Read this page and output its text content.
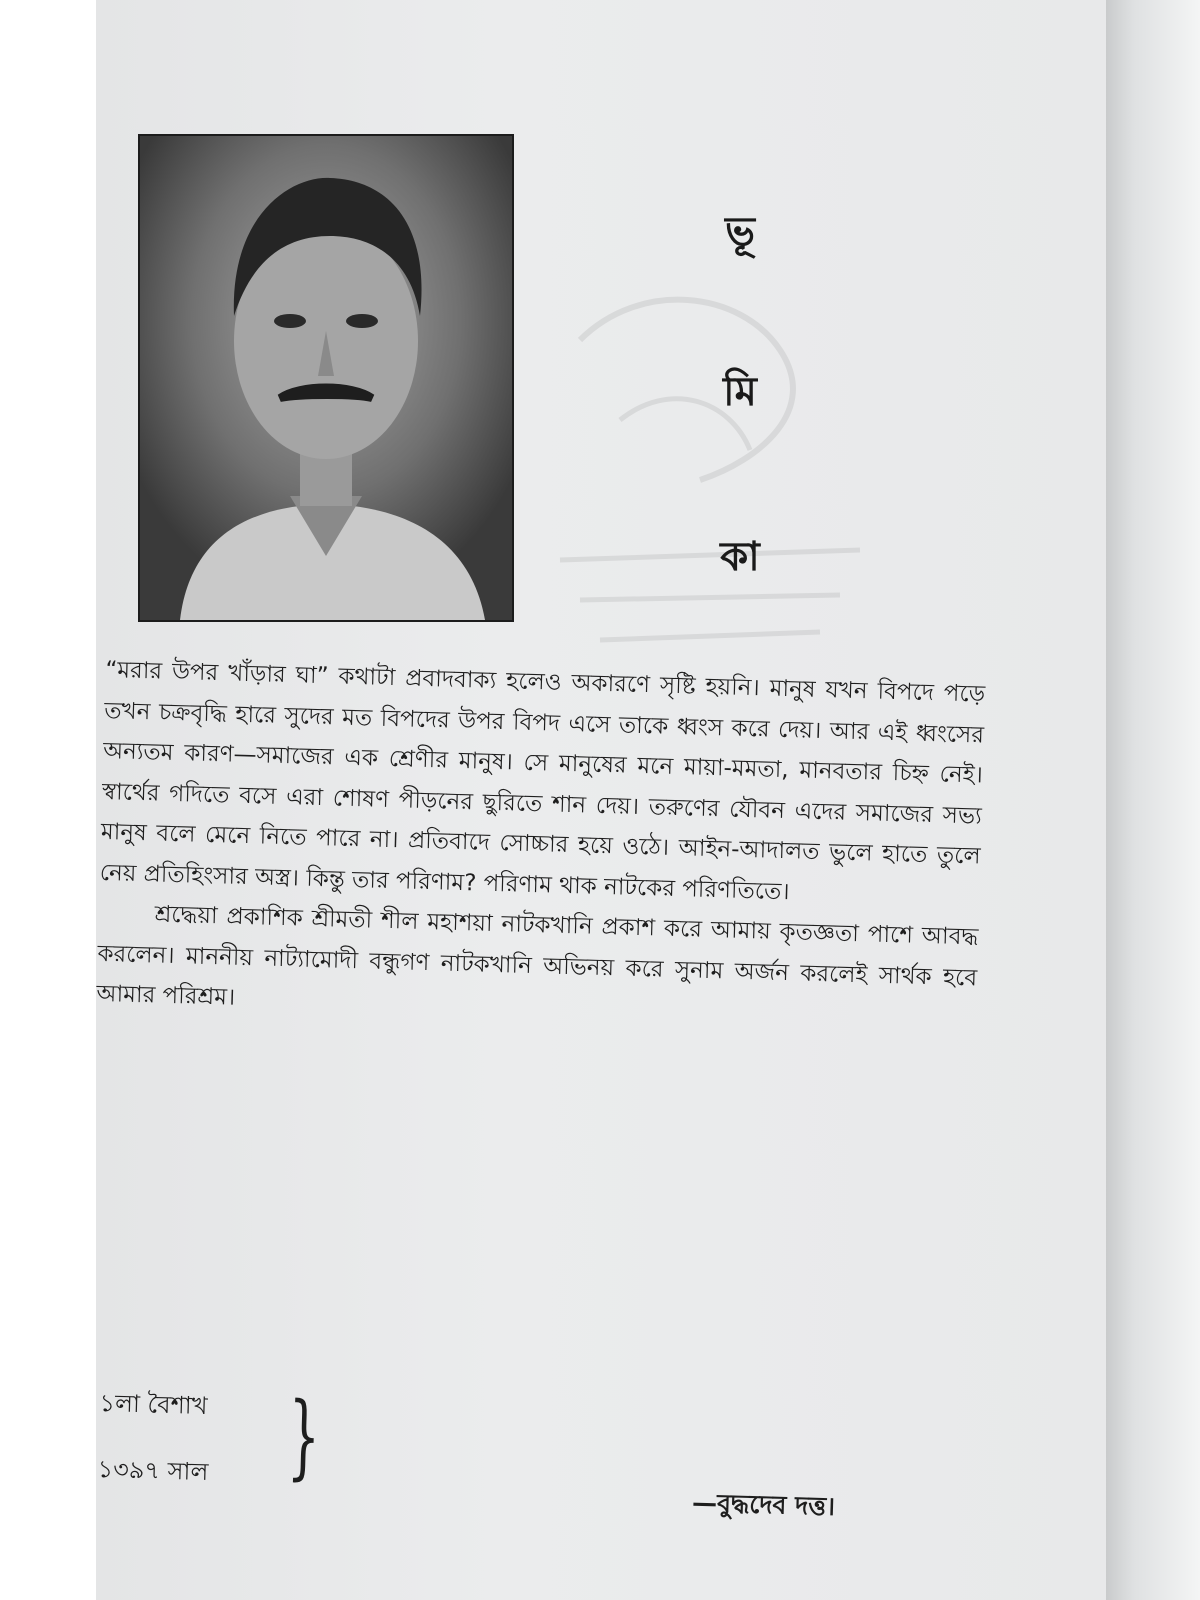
ভূ
মি
কা

“মরার উপর খাঁড়ার ঘা” কথাটা প্রবাদবাক্য হলেও অকারণে সৃষ্টি হয়নি। মানুষ যখন বিপদে পড়ে তখন চক্রবৃদ্ধি হারে সুদের মত বিপদের উপর বিপদ এসে তাকে ধ্বংস করে দেয়। আর এই ধ্বংসের অন্যতম কারণ—সমাজের এক শ্রেণীর মানুষ। সে মানুষের মনে মায়া-মমতা, মানবতার চিহ্ন নেই। স্বার্থের গদিতে বসে এরা শোষণ পীড়নের ছুরিতে শান দেয়। তরুণের যৌবন এদের সমাজের সভ্য মানুষ বলে মেনে নিতে পারে না। প্রতিবাদে সোচ্চার হয়ে ওঠে। আইন-আদালত ভুলে হাতে তুলে নেয় প্রতিহিংসার অস্ত্র। কিন্তু তার পরিণাম? পরিণাম থাক নাটকের পরিণতিতে।

শ্রদ্ধেয়া প্রকাশিক শ্রীমতী শীল মহাশয়া নাটকখানি প্রকাশ করে আমায় কৃতজ্ঞতা পাশে আবদ্ধ করলেন। মাননীয় নাট্যামোদী বন্ধুগণ নাটকখানি অভিনয় করে সুনাম অর্জন করলেই সার্থক হবে আমার পরিশ্রম।

১লা বৈশাখ
১৩৯৭ সাল }
—বুদ্ধদেব দত্ত।
